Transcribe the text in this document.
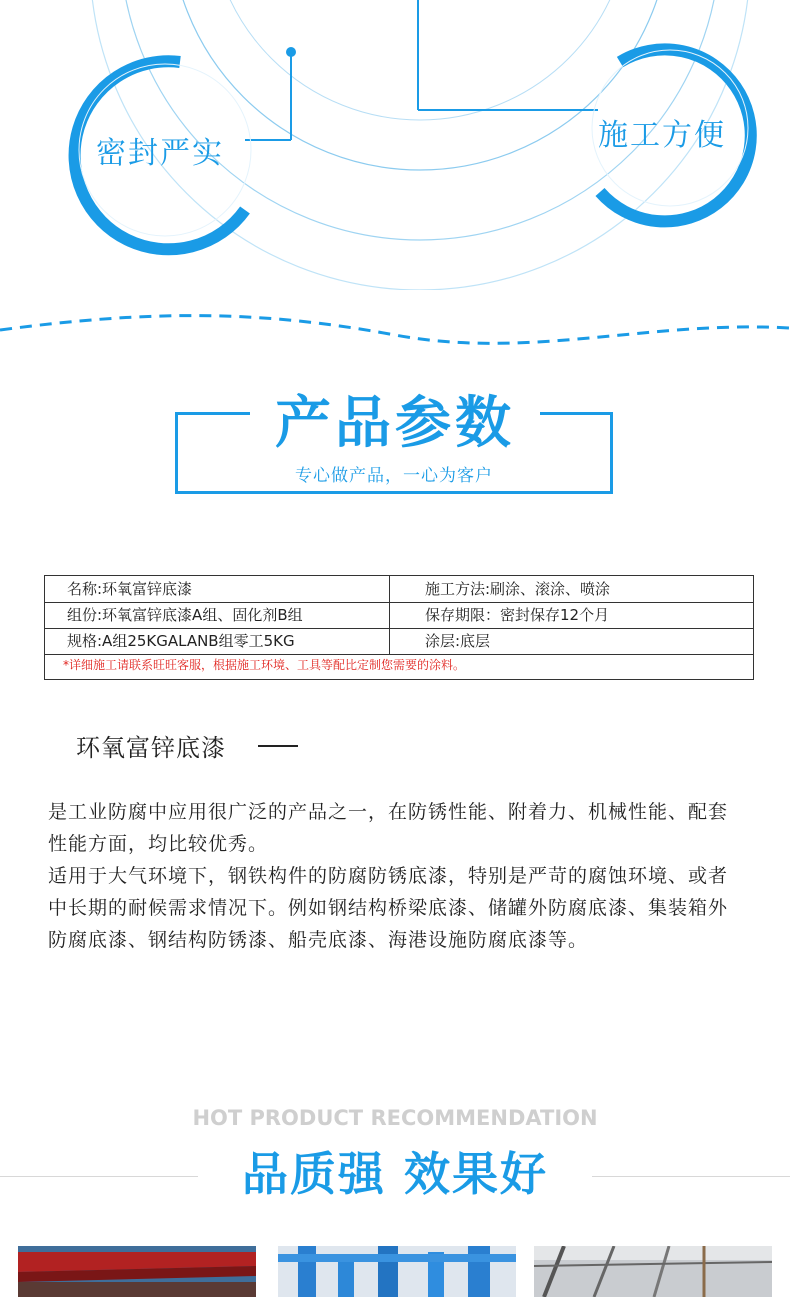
密封严实
施工方便
产品参数
专心做产品，一心为客户
名称:环氧富锌底漆	施工方法:刷涂、滚涂、喷涂
组份:环氧富锌底漆A组、固化剂B组	保存期限：密封保存12个月
规格:A组25KGALANB组零工5KG	涂层:底层
*详细施工请联系旺旺客服，根据施工环境、工具等配比定制您需要的涂料。
环氧富锌底漆
是工业防腐中应用很广泛的产品之一，在防锈性能、附着力、机械性能、配套性能方面，均比较优秀。
适用于大气环境下，钢铁构件的防腐防锈底漆，特别是严苛的腐蚀环境、或者中长期的耐候需求情况下。例如钢结构桥梁底漆、储罐外防腐底漆、集装箱外防腐底漆、钢结构防锈漆、船壳底漆、海港设施防腐底漆等。
HOT PRODUCT RECOMMENDATION
品质强 效果好
